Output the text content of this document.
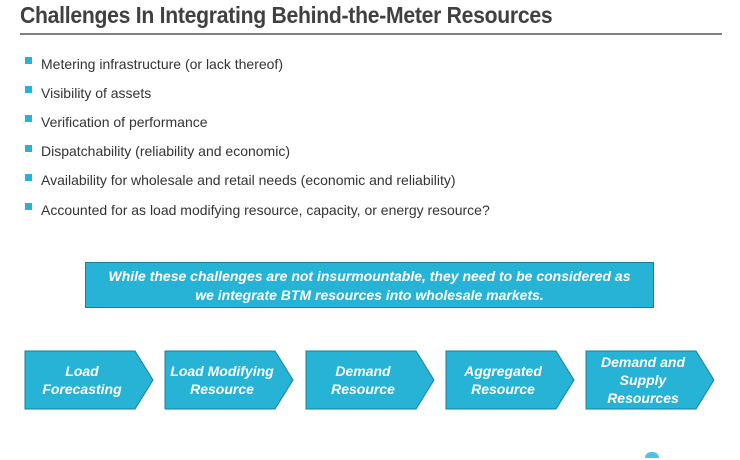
Challenges In Integrating Behind-the-Meter Resources
Metering infrastructure (or lack thereof)
Visibility of assets
Verification of performance
Dispatchability (reliability and economic)
Availability for wholesale and retail needs (economic and reliability)
Accounted for as load modifying resource, capacity, or energy resource?
While these challenges are not insurmountable, they need to be considered as
we integrate BTM resources into wholesale markets.
Load
Forecasting
Load Modifying
Resource
Demand
Resource
Aggregated
Resource
Demand and
Supply
Resources
